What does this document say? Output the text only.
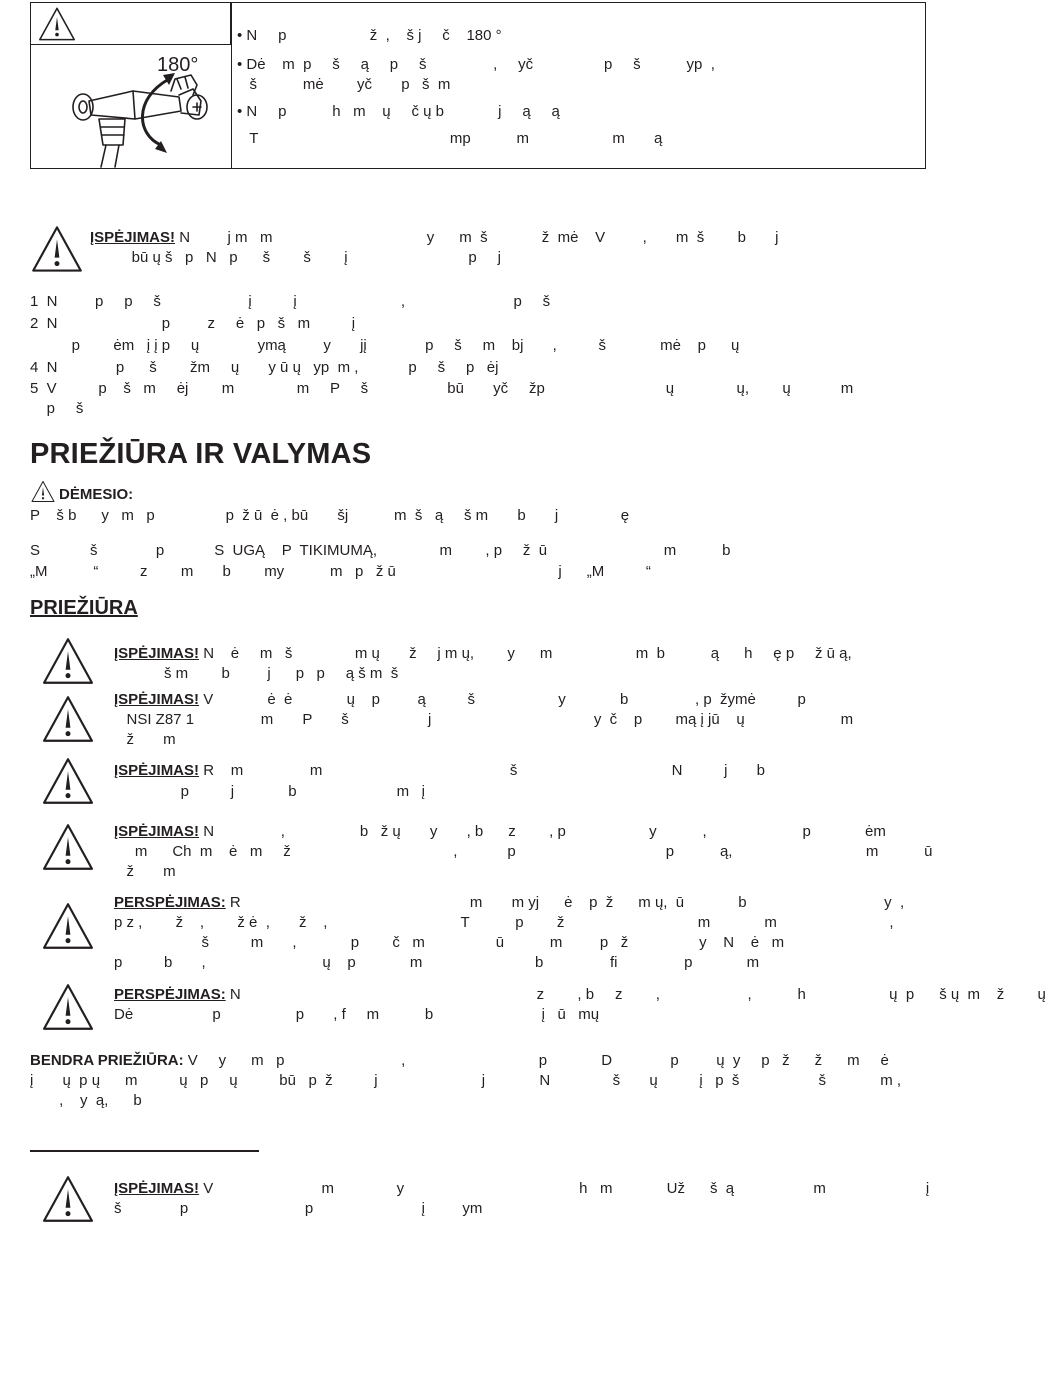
180°
• N     p                    ž  ,    š j     č    180 °
• Dė    m  p     š     ą     p     š                ,     yč                 p     š           yp  ,
š           mė        yč       p   š  m
• N     p           h   m    ų     č ų b             j     ą     ą
T                                              mp           m                    m       ą
ĮSPĖJIMAS! N         j m   m                                     y      m  š             ž  mė    V         ,       m  š        b       j
bū ų š   p   N   p      š        š        į                             p     j
1  N         p     p     š                     į          į                         ,                          p     š
2  N                         p         z     ė   p   š   m          į
p        ėm   į į p     ų              ymą         y       jį              p     š     m    bj       ,          š             mė    p      ų
4  N              p      š        žm     ų       y ū ų   yp  m ,            p     š     p   ėj
5  V          p    š   m     ėj        m               m     P     š                   bū       yč     žp                             ų               ų,        ų            m
p     š
PRIEŽIŪRA IR VALYMAS
DĖMESIO:
P    š b      y   m   p                 p  ž ū  ė , bū       šj           m  š   ą     š m       b       j               ę
S            š              p            S  UGĄ    P  TIKIMUMĄ,               m        , p     ž  ū                            m           b
„M           “          z        m       b        my           m   p   ž ū                                       j      „M          “
PRIEŽIŪRA
ĮSPĖJIMAS! N    ė     m   š               m ų       ž     j m ų,        y      m                    m  b           ą      h     ę p     ž ū ą,
š m        b         j      p   p     ą š m  š
ĮSPĖJIMAS! V             ė  ė             ų    p         ą          š                    y             b                , p  žymė          p
NSI Z87 1                m       P       š                   j                                       y  č    p        mą į jū    ų                       m
ž       m
ĮSPĖJIMAS! R    m                m                                             š                                     N          j       b
p          j             b                        m   į
ĮSPĖJIMAS! N                ,                  b   ž ų       y       , b      z        , p                    y           ,                       p             ėm
m      Ch  m    ė   m     ž                                       ,            p                                    p           ą,                                m           ū
ž       m
PERSPĖJIMAS: R                                                       m       m yj      ė    p  ž      m ų,  ū             b                                 y  ,
p z ,        ž    ,        ž ė  ,       ž    ,                                T           p        ž                                m             m                           ,
š          m       ,             p        č   m                 ū           m         p   ž                 y    N    ė   m
p          b       ,                            ų    p             m                           b                fi                p             m
PERSPĖJIMAS: N                                                                       z        , b     z        ,                     ,           h                    ų  p      š ų  m    ž        ų
Dė                   p                  p       , f     m           b                          į   ū   mų
BENDRA PRIEŽIŪRA: V     y      m   p                            ,                                p             D              p         ų  y     p   ž      ž      m     ė
į       ų  p ų      m          ų   p     ų          bū   p  ž          j                         j             N               š       ų          į   p  š                   š             m ,
,    y  ą,      b
ĮSPĖJIMAS! V                          m               y                                          h   m             Už      š  ą                   m                        į
š              p                            p                          į         ym
